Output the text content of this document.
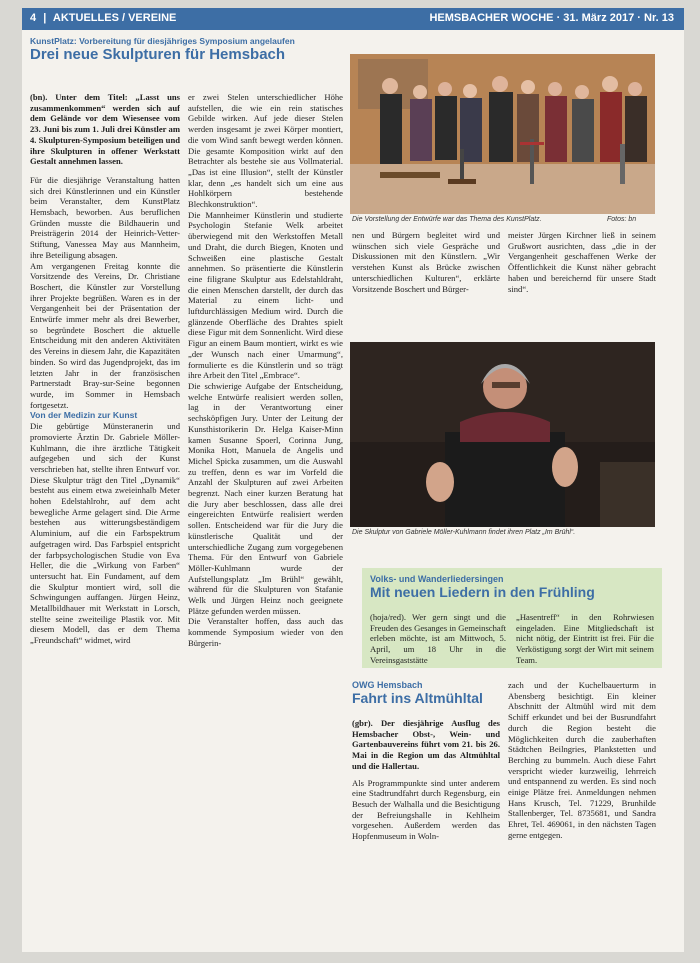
4 | AKTUELLES / VEREINE	HEMSBACHER WOCHE · 31. März 2017 · Nr. 13
KunstPlatz: Vorbereitung für diesjähriges Symposium angelaufen
Drei neue Skulpturen für Hemsbach
Die Vorstellung der Entwürfe war das Thema des KunstPlatz.	Fotos: bn

(bn). Unter dem Titel: „Lasst uns zusammenkommen“ werden sich auf dem Gelände vor dem Wiesensee vom 23. Juni bis zum 1. Juli drei Künstler am 4. Skulpturen-Symposium beteiligen und ihre Skulpturen in offener Werkstatt Gestalt annehmen lassen.

Für die diesjährige Veranstaltung hatten sich drei Künstlerinnen und ein Künstler beim Veranstalter, dem KunstPlatz Hemsbach, beworben. Aus beruflichen Gründen musste die Bildhauerin und Preisträgerin 2014 der Heinrich-Vetter-Stiftung, Vanessea May aus Mannheim, ihre Beteiligung absagen.

Am vergangenen Freitag konnte die Vorsitzende des Vereins, Dr. Christiane Boschert, die Künstler zur Vorstellung ihrer Projekte begrüßen. Waren es in der Vergangenheit bei der Präsentation der Entwürfe immer mehr als drei Bewerber, so begründete Boschert die aktuelle Entscheidung mit den anderen Aktivitäten des Vereins in diesem Jahr, die Kapazitäten binden. So wird das Jugendprojekt, das im letzten Jahr in der französischen Partnerstadt Bray-sur-Seine begonnen wurde, im Sommer in Hemsbach fortgesetzt.

Von der Medizin zur Kunst

Die gebürtige Münsteranerin und promovierte Ärztin Dr. Gabriele Möller-Kuhlmann, die ihre ärztliche Tätigkeit aufgegeben und sich der Kunst verschrieben hat, stellte ihren Entwurf vor. Diese Skulptur trägt den Titel „Dynamik“ besteht aus einem etwa zweieinhalb Meter hohen Edelstahlrohr, auf dem acht bewegliche Arme gelagert sind. Die Arme bestehen aus witterungsbeständigem Aluminium, auf die ein Farbspektrum aufgetragen wird. Das Farbspiel entspricht der farbpsychologischen Studie von Eva Heller, die die „Wirkung von Farben“ untersucht hat. Ein Fundament, auf dem die Skulptur montiert wird, soll die Schwingungen auffangen. Jürgen Heinz, Metallbildhauer mit Werkstatt in Lorsch, stellte seine zweiteilige Plastik vor. Mit diesem Modell, das er dem Thema „Freundschaft“ widmet, wird

er zwei Stelen unterschiedlicher Höhe aufstellen, die wie ein rein statisches Gebilde wirken. Auf jede dieser Stelen werden insgesamt je zwei Körper montiert, die vom Wind sanft bewegt werden können. Die gesamte Komposition wirkt auf den Betrachter als bestehe sie aus Vollmaterial. „Das ist eine Illusion“, stellt der Künstler klar, denn „es handelt sich um eine aus Hohlkörpern bestehende Blechkonstruktion“.

Die Mannheimer Künstlerin und studierte Psychologin Stefanie Welk arbeitet überwiegend mit den Werkstoffen Metall und Draht, die durch Biegen, Knoten und Schweißen eine plastische Gestalt annehmen. So präsentierte die Künstlerin eine filigrane Skulptur aus Edelstahldraht, die einen Menschen darstellt, der durch das Material zu einem licht- und luftdurchlässigen Medium wird. Durch die glänzende Oberfläche des Drahtes spielt diese Figur mit dem Sonnenlicht. Wird diese Figur an einem Baum montiert, wirkt es wie „der Wunsch nach einer Umarmung“, formulierte es die Künstlerin und so trägt ihre Arbeit den Titel „Embrace“.

Die schwierige Aufgabe der Entscheidung, welche Entwürfe realisiert werden sollen, lag in der Verantwortung einer sechsköpfigen Jury. Unter der Leitung der Kunsthistorikerin Dr. Helga Kaiser-Minn kamen Susanne Spoerl, Corinna Jung, Monika Hott, Manuela de Angelis und Michel Spicka zusammen, um die Auswahl zu treffen, denn es war im Vorfeld die Anzahl der Skulpturen auf zwei Arbeiten begrenzt. Nach einer kurzen Beratung hat die Jury aber beschlossen, dass alle drei eingereichten Entwürfe realisiert werden sollen. Entscheidend war für die Jury die künstlerische Qualität und der unterschiedliche Zugang zum vorgegebenen Thema. Für den Entwurf von Gabriele Möller-Kuhlmann wurde der Aufstellungsplatz „Im Brühl“ gewählt, während für die Skulpturen von Stafanie Welk und Jürgen Heinz noch geeignete Plätze gefunden werden müssen.

Die Veranstalter hoffen, dass auch das kommende Symposium wieder von den Bürgerin-

nen und Bürgern begleitet wird und wünschen sich viele Gespräche und Diskussionen mit den Künstlern. „Wir verstehen Kunst als Brücke zwischen unterschiedlichen Kulturen“, erklärte Vorsitzende Boschert und Bürger-

meister Jürgen Kirchner ließ in seinem Grußwort ausrichten, dass „die in der Vergangenheit geschaffenen Werke der Öffentlichkeit die Kunst näher gebracht haben und bereichernd für unsere Stadt sind“.

Die Skulptur von Gabriele Möller-Kuhlmann findet ihren Platz „Im Brühl“.
Volks- und Wanderliedersingen
Mit neuen Liedern in den Frühling

(hoja/red). Wer gern singt und die Freuden des Gesanges in Gemeinschaft erleben möchte, ist am Mittwoch, 5. April, um 18 Uhr in die Vereinsgaststätte

„Hasentreff“ in den Rohrwiesen eingeladen. Eine Mitgliedschaft ist nicht nötig, der Eintritt ist frei. Für die Verköstigung sorgt der Wirt mit seinem Team.

OWG Hemsbach
Fahrt ins Altmühltal

(gbr). Der diesjährige Ausflug des Hemsbacher Obst-, Wein- und Gartenbauvereins führt vom 21. bis 26. Mai in die Region um das Altmühltal und die Hallertau.

Als Programmpunkte sind unter anderem eine Stadtrundfahrt durch Regensburg, ein Besuch der Walhalla und die Besichtigung der Befreiungshalle in Kehlheim vorgesehen. Außerdem werden das Hopfenmuseum in Woln-

zach und der Kuchelbauerturm in Abensberg besichtigt. Ein kleiner Abschnitt der Altmühl wird mit dem Schiff erkundet und bei der Busrundfahrt durch die Region besteht die Möglichkeiten durch die zauberhaften Städtchen Beilngries, Plankstetten und Berching zu bummeln. Auch diese Fahrt verspricht wieder kurzweilig, lehrreich und entspannend zu werden. Es sind noch einige Plätze frei. Anmeldungen nehmen Hans Krusch, Tel. 71229, Brunhilde Stallenberger, Tel. 8735681, und Sandra Ehret, Tel. 469061, in den nächsten Tagen gerne entgegen.
